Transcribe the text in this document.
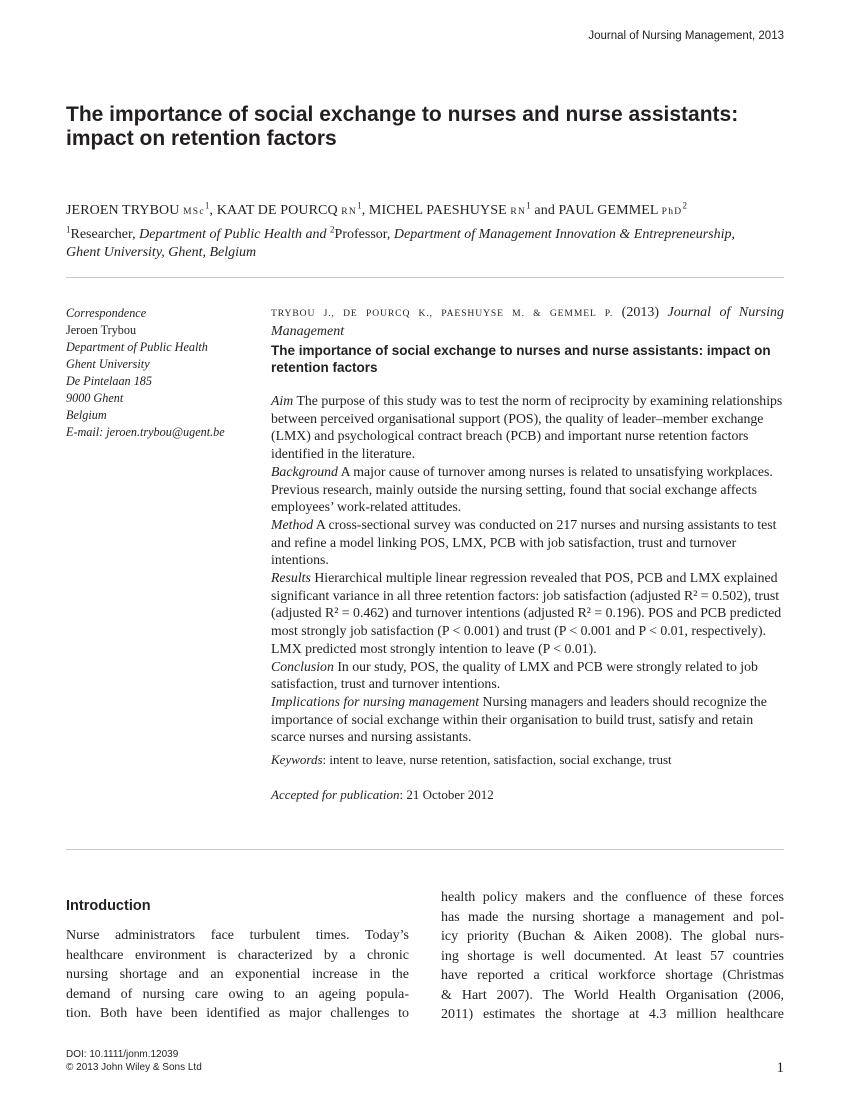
Journal of Nursing Management, 2013
The importance of social exchange to nurses and nurse assistants: impact on retention factors
JEROEN TRYBOU MSc$^1$, KAAT DE POURCQ $RN^1$, MICHEL PAESHUYSE $RN^1$ and PAUL GEMMEL PhD$^2$
$^1$Researcher, Department of Public Health and $^2$Professor, Department of Management Innovation & Entrepreneurship, Ghent University, Ghent, Belgium
Correspondence
Jeroen Trybou
Department of Public Health
Ghent University
De Pintelaan 185
9000 Ghent
Belgium
E-mail: jeroen.trybou@ugent.be
TRYBOU J., DE POURCQ K., PAESHUYSE M. & GEMMEL P. (2013) Journal of Nursing Management
The importance of social exchange to nurses and nurse assistants: impact on retention factors

Aim The purpose of this study was to test the norm of reciprocity by examining relationships between perceived organisational support (POS), the quality of leader–member exchange (LMX) and psychological contract breach (PCB) and important nurse retention factors identified in the literature.

Background A major cause of turnover among nurses is related to unsatisfying workplaces. Previous research, mainly outside the nursing setting, found that social exchange affects employees’ work-related attitudes.

Method A cross-sectional survey was conducted on 217 nurses and nursing assistants to test and refine a model linking POS, LMX, PCB with job satisfaction, trust and turnover intentions.

Results Hierarchical multiple linear regression revealed that POS, PCB and LMX explained significant variance in all three retention factors: job satisfaction (adjusted R² = 0.502), trust (adjusted R² = 0.462) and turnover intentions (adjusted R² = 0.196). POS and PCB predicted most strongly job satisfaction (P < 0.001) and trust (P < 0.001 and P < 0.01, respectively). LMX predicted most strongly intention to leave (P < 0.01).

Conclusion In our study, POS, the quality of LMX and PCB were strongly related to job satisfaction, trust and turnover intentions.

Implications for nursing management Nursing managers and leaders should recognize the importance of social exchange within their organisation to build trust, satisfy and retain scarce nurses and nursing assistants.

Keywords: intent to leave, nurse retention, satisfaction, social exchange, trust
Accepted for publication: 21 October 2012
Introduction
Nurse administrators face turbulent times. Today’s
healthcare environment is characterized by a chronic
nursing shortage and an exponential increase in the
demand of nursing care owing to an ageing popula-
tion. Both have been identified as major challenges to
health policy makers and the confluence of these forces
has made the nursing shortage a management and pol-
icy priority (Buchan & Aiken 2008). The global nurs-
ing shortage is well documented. At least 57 countries
have reported a critical workforce shortage (Christmas
& Hart 2007). The World Health Organisation (2006,
2011) estimates the shortage at 4.3 million healthcare
DOI: 10.1111/jonm.12039
© 2013 John Wiley & Sons Ltd	1
